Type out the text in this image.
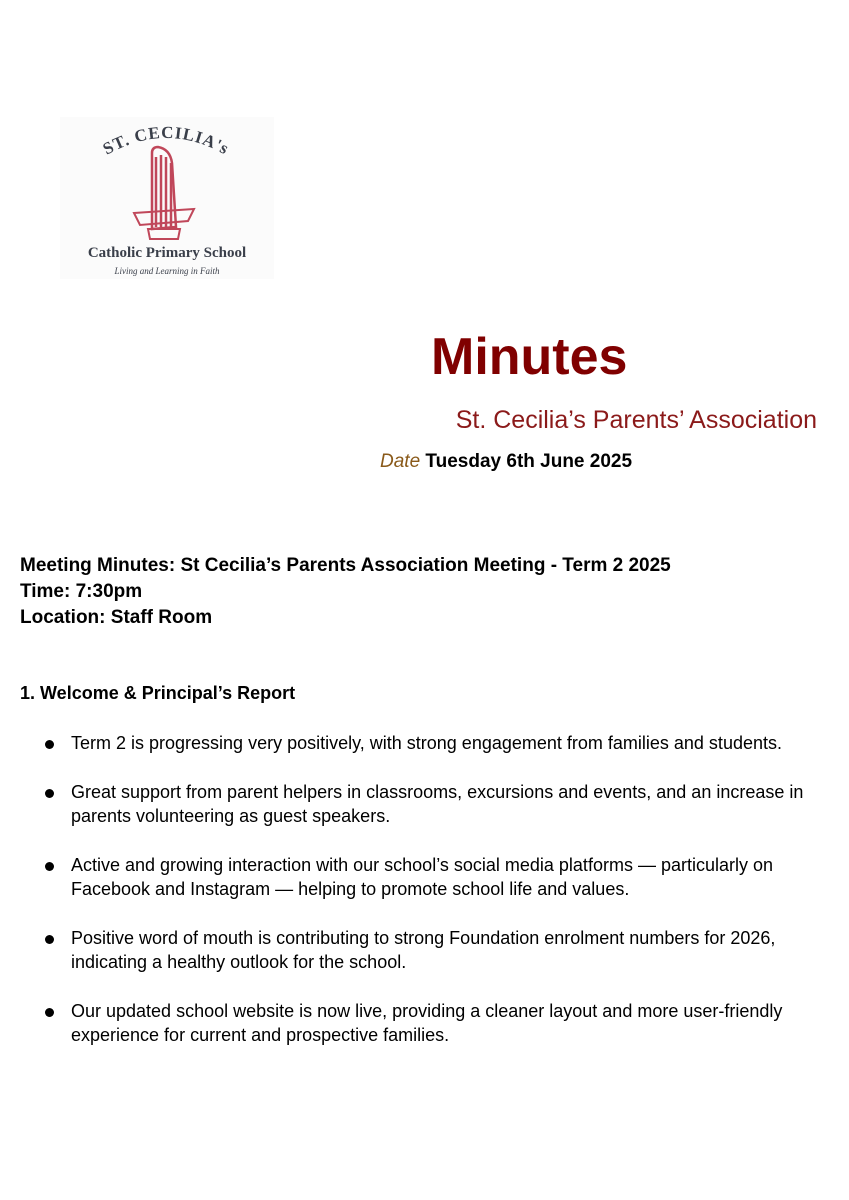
ST. CECILIA's
Catholic Primary School
Living and Learning in Faith
Minutes
St. Cecilia’s Parents’ Association
Date Tuesday 6th June 2025
Meeting Minutes: St Cecilia’s Parents Association Meeting - Term 2 2025
Time: 7:30pm
Location: Staff Room
1. Welcome & Principal’s Report
Term 2 is progressing very positively, with strong engagement from families and students.
Great support from parent helpers in classrooms, excursions and events, and an increase in parents volunteering as guest speakers.
Active and growing interaction with our school’s social media platforms — particularly on Facebook and Instagram — helping to promote school life and values.
Positive word of mouth is contributing to strong Foundation enrolment numbers for 2026, indicating a healthy outlook for the school.
Our updated school website is now live, providing a cleaner layout and more user-friendly experience for current and prospective families.
